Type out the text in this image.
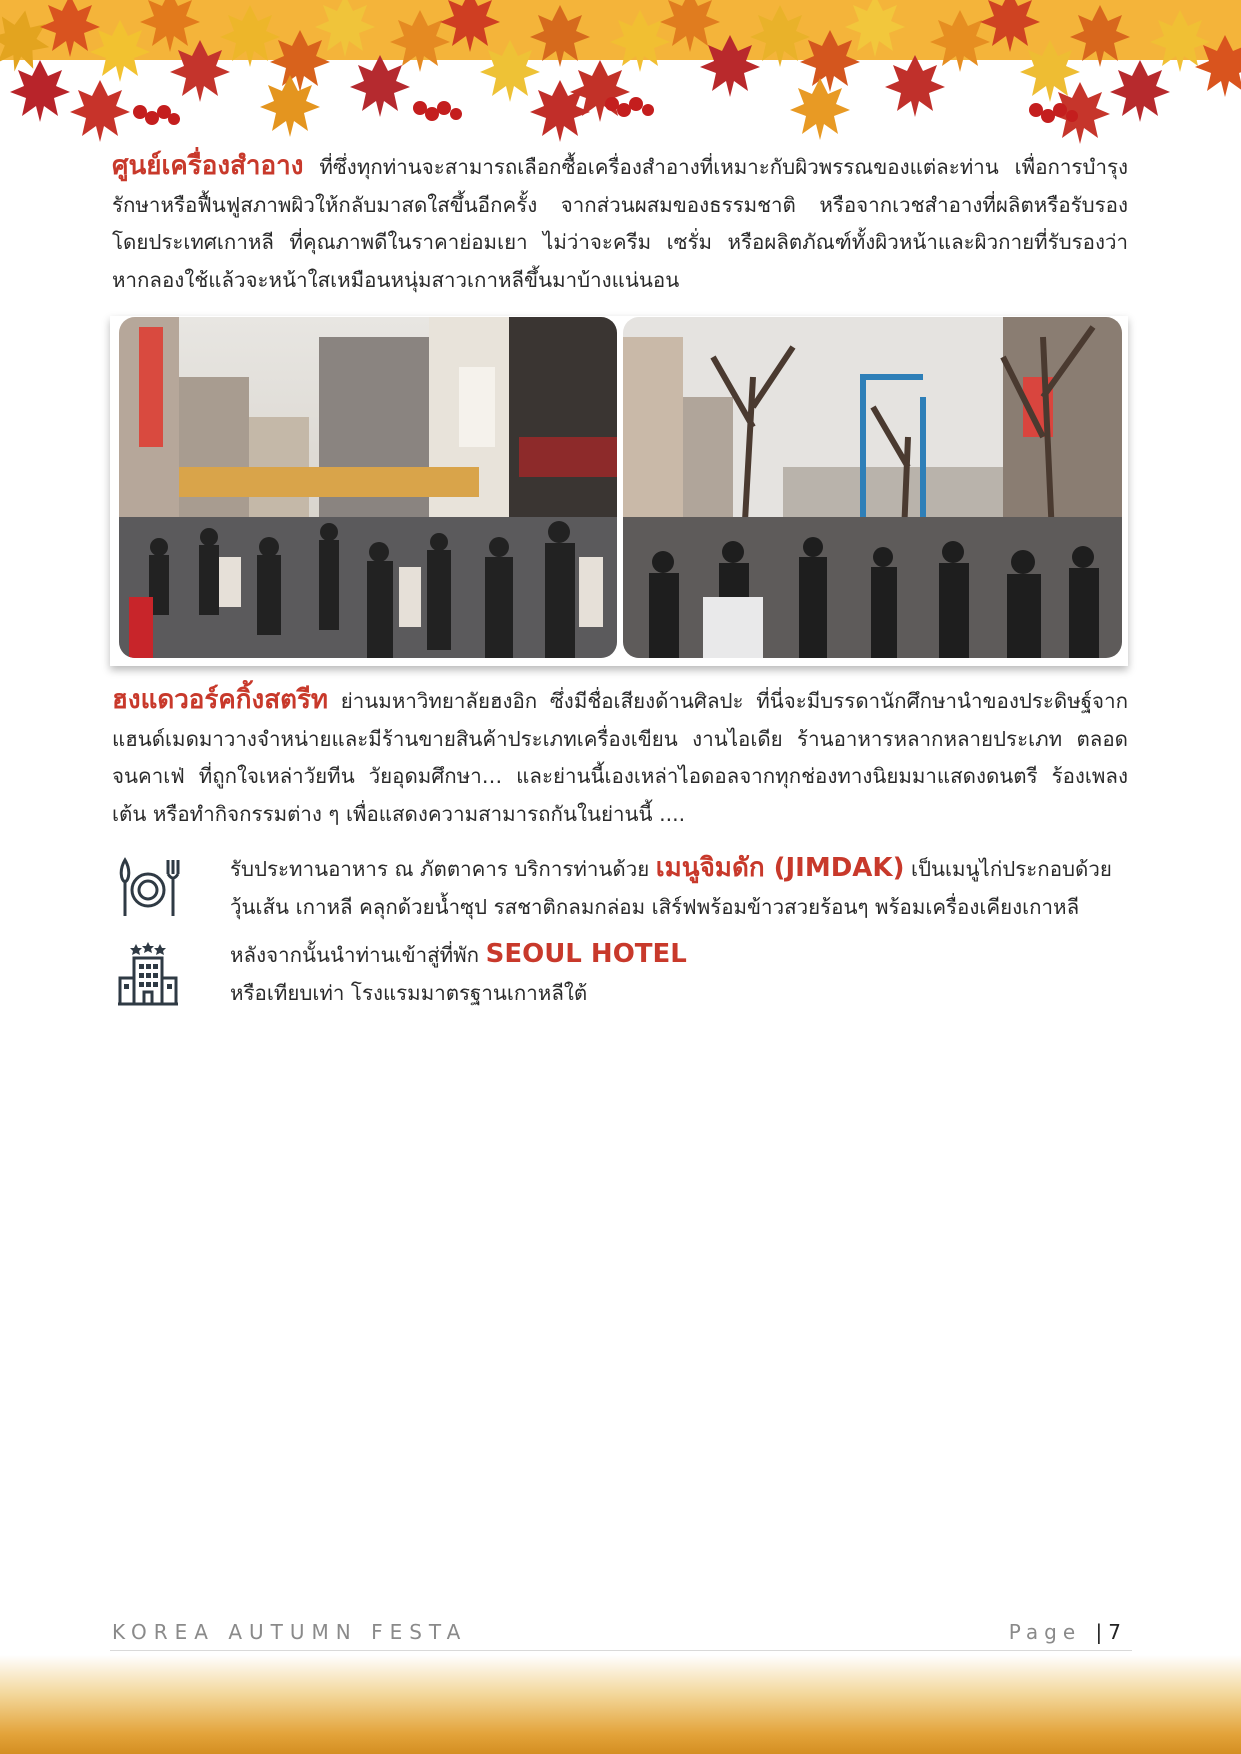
ศูนย์เครื่องสำอาง ที่ซึ่งทุกท่านจะสามารถเลือกซื้อเครื่องสำอางที่เหมาะกับผิวพรรณของแต่ละท่าน เพื่อการบำรุง รักษาหรือฟื้นฟูสภาพผิวให้กลับมาสดใสขึ้นอีกครั้ง จากส่วนผสมของธรรมชาติ หรือจากเวชสำอางที่ผลิตหรือรับรองโดยประเทศเกาหลี ที่คุณภาพดีในราคาย่อมเยา ไม่ว่าจะครีม เซรั่ม หรือผลิตภัณฑ์ทั้งผิวหน้าและผิวกายที่รับรองว่า หากลองใช้แล้วจะหน้าใสเหมือนหนุ่มสาวเกาหลีขึ้นมาบ้างแน่นอน

ฮงแดวอร์คกิ้งสตรีท ย่านมหาวิทยาลัยฮงอิก ซึ่งมีชื่อเสียงด้านศิลปะ ที่นี่จะมีบรรดานักศึกษานำของประดิษฐ์จากแฮนด์เมดมาวางจำหน่ายและมีร้านขายสินค้าประเภทเครื่องเขียน งานไอเดีย ร้านอาหารหลากหลายประเภท ตลอดจนคาเฟ่ ที่ถูกใจเหล่าวัยทีน วัยอุดมศึกษา… และย่านนี้เองเหล่าไอดอลจากทุกช่องทางนิยมมาแสดงดนตรี ร้องเพลง เต้น หรือทำกิจกรรมต่าง ๆ เพื่อแสดงความสามารถกันในย่านนี้ ....

รับประทานอาหาร ณ ภัตตาคาร บริการท่านด้วย เมนูจิมดัก (JIMDAK) เป็นเมนูไก่ประกอบด้วยวุ้นเส้น เกาหลี คลุกด้วยน้ำซุป รสชาติกลมกล่อม เสิร์ฟพร้อมข้าวสวยร้อนๆ พร้อมเครื่องเคียงเกาหลี
หลังจากนั้นนำท่านเข้าสู่ที่พัก SEOUL HOTEL
หรือเทียบเท่า โรงแรมมาตรฐานเกาหลีใต้
KOREA AUTUMN FESTA	Page | 7
